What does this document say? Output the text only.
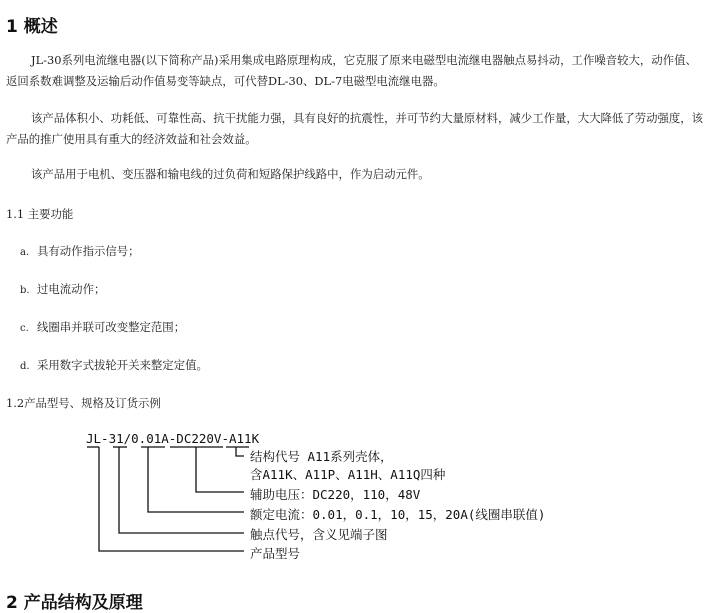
1 概述

JL-30系列电流继电器(以下简称产品)采用集成电路原理构成，它克服了原来电磁型电流继电器触点易抖动，工作噪音较大，动作值、返回系数难调整及运输后动作值易变等缺点，可代替DL-30、DL-7电磁型电流继电器。

该产品体积小、功耗低、可靠性高、抗干扰能力强，具有良好的抗震性，并可节约大量原材料，减少工作量，大大降低了劳动强度，该产品的推广使用具有重大的经济效益和社会效益。

该产品用于电机、变压器和输电线的过负荷和短路保护线路中，作为启动元件。

1.1 主要功能
a. 具有动作指示信号；
b. 过电流动作；
c. 线圈串并联可改变整定范围；
d. 采用数字式拔轮开关来整定定值。
1.2产品型号、规格及订货示例
JL-31/0.01A-DC220V-A11K
结构代号 A11系列壳体，
含A11K、A11P、A11H、A11Q四种
辅助电压：DC220，110，48V
额定电流：0.01，0.1，10，15，20A(线圈串联值)
触点代号，含义见端子图
产品型号
2 产品结构及原理
